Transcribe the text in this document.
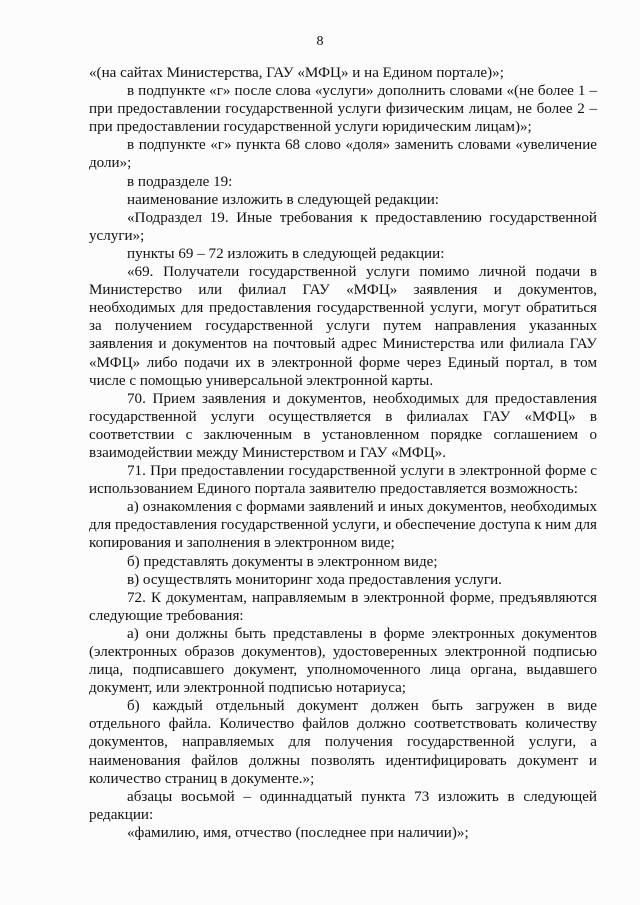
8

«(на сайтах Министерства, ГАУ «МФЦ» и на Едином портале)»;

в подпункте «г» после слова «услуги» дополнить словами «(не более 1 – при предоставлении государственной услуги физическим лицам, не более 2 – при предоставлении государственной услуги юридическим лицам)»;

в подпункте «г» пункта 68 слово «доля» заменить словами «увеличение доли»;

в подразделе 19:

наименование изложить в следующей редакции:

«Подраздел 19. Иные требования к предоставлению государственной услуги»;

пункты 69 – 72 изложить в следующей редакции:

«69. Получатели государственной услуги помимо личной подачи в Министерство или филиал ГАУ «МФЦ» заявления и документов, необходимых для предоставления государственной услуги, могут обратиться за получением государственной услуги путем направления указанных заявления и документов на почтовый адрес Министерства или филиала ГАУ «МФЦ» либо подачи их в электронной форме через Единый портал, в том числе с помощью универсальной электронной карты.

70. Прием заявления и документов, необходимых для предоставления государственной услуги осуществляется в филиалах ГАУ «МФЦ» в соответствии с заключенным в установленном порядке соглашением о взаимодействии между Министерством и ГАУ «МФЦ».

71. При предоставлении государственной услуги в электронной форме с использованием Единого портала заявителю предоставляется возможность:

а) ознакомления с формами заявлений и иных документов, необходимых для предоставления государственной услуги, и обеспечение доступа к ним для копирования и заполнения в электронном виде;

б) представлять документы в электронном виде;

в) осуществлять мониторинг хода предоставления услуги.

72. К документам, направляемым в электронной форме, предъявляются следующие требования:

а) они должны быть представлены в форме электронных документов (электронных образов документов), удостоверенных электронной подписью лица, подписавшего документ, уполномоченного лица органа, выдавшего документ, или электронной подписью нотариуса;

б) каждый отдельный документ должен быть загружен в виде отдельного файла. Количество файлов должно соответствовать количеству документов, направляемых для получения государственной услуги, а наименования файлов должны позволять идентифицировать документ и количество страниц в документе.»;

абзацы восьмой – одиннадцатый пункта 73 изложить в следующей редакции:

«фамилию, имя, отчество (последнее при наличии)»;
